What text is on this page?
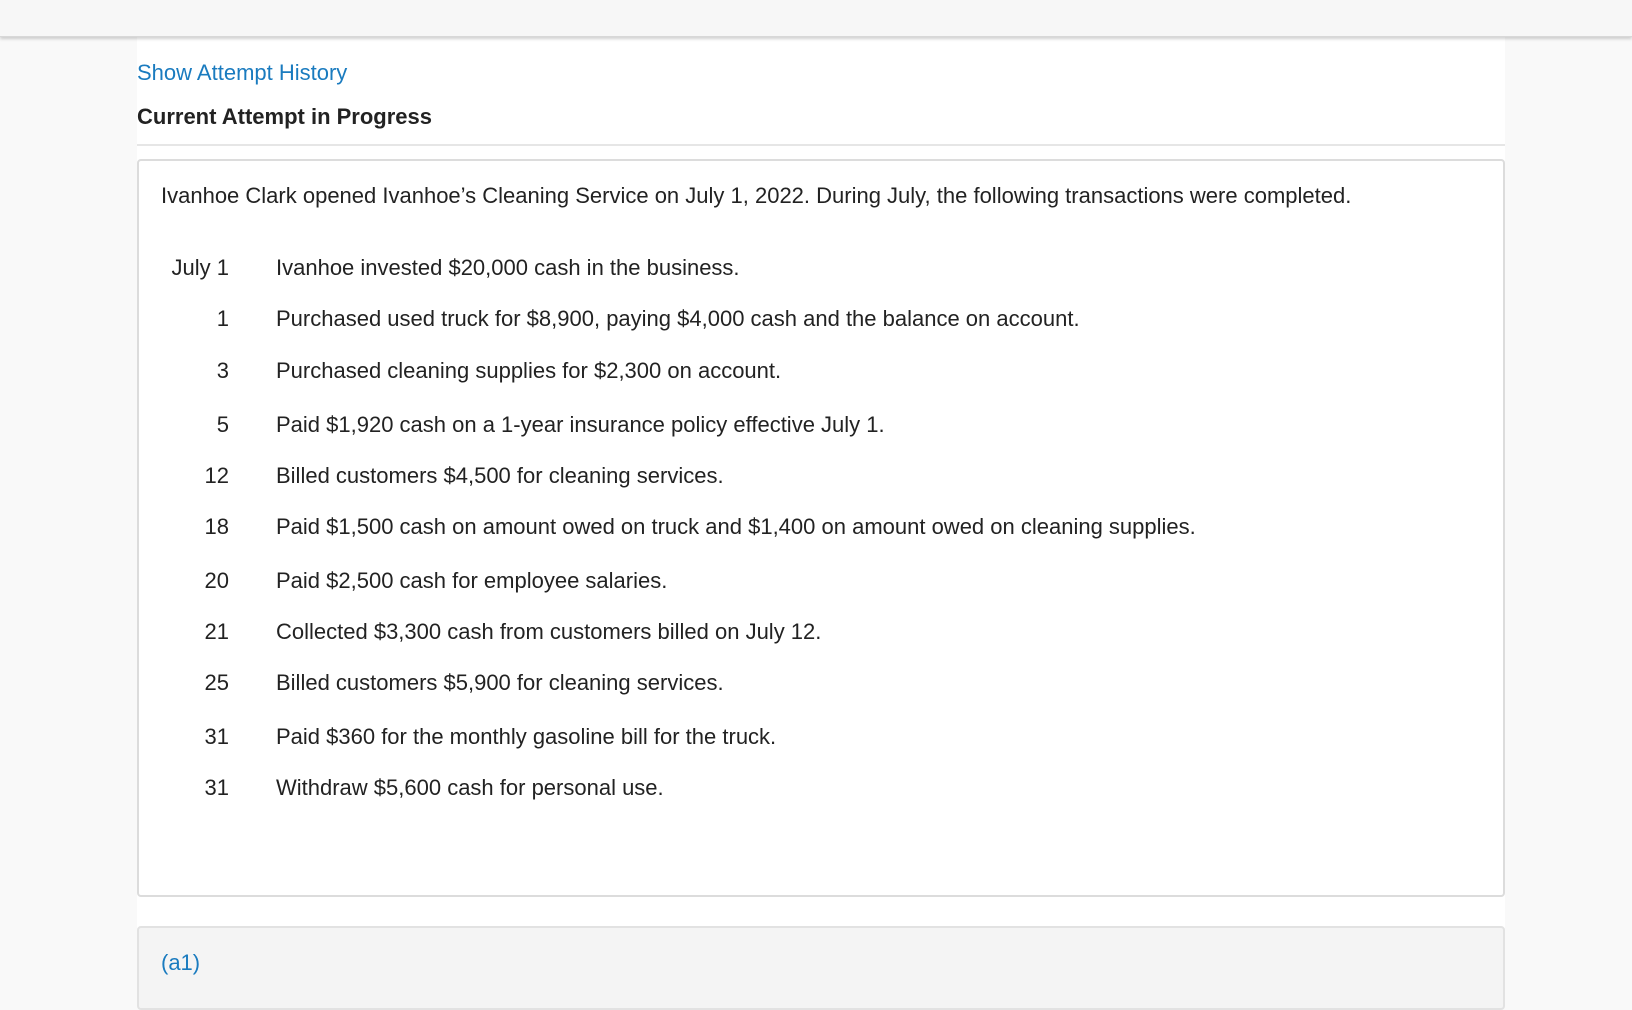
Show Attempt History
Current Attempt in Progress
Ivanhoe Clark opened Ivanhoe’s Cleaning Service on July 1, 2022. During July, the following transactions were completed.
July 1 Ivanhoe invested $20,000 cash in the business.
1 Purchased used truck for $8,900, paying $4,000 cash and the balance on account.
3 Purchased cleaning supplies for $2,300 on account.
5 Paid $1,920 cash on a 1-year insurance policy effective July 1.
12 Billed customers $4,500 for cleaning services.
18 Paid $1,500 cash on amount owed on truck and $1,400 on amount owed on cleaning supplies.
20 Paid $2,500 cash for employee salaries.
21 Collected $3,300 cash from customers billed on July 12.
25 Billed customers $5,900 for cleaning services.
31 Paid $360 for the monthly gasoline bill for the truck.
31 Withdraw $5,600 cash for personal use.
(a1)
